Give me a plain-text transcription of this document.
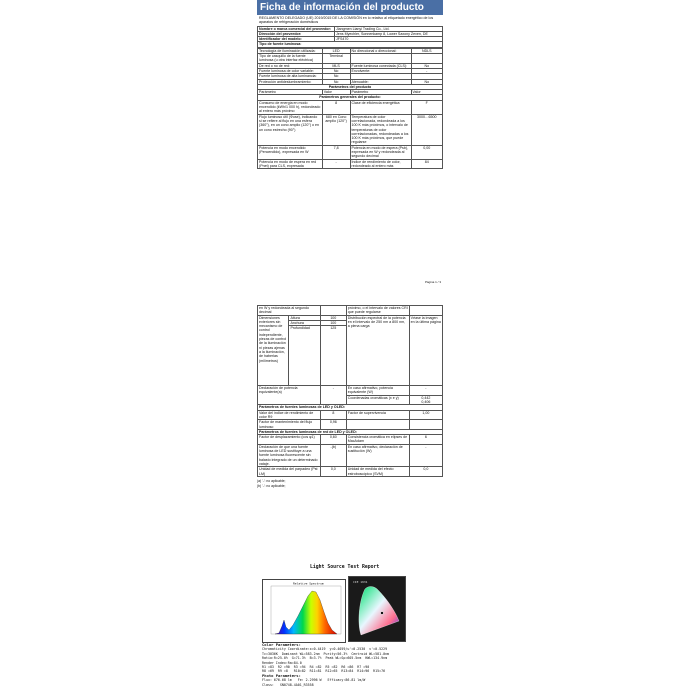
Ficha de información del producto
REGLAMENTO DELEGADO (UE) 2019/2015 DE LA COMISIÓN en lo relativo al etiquetado energético de los aparatos de refrigeración domésticos
Nombre o marca comercial del proveedor:	Jiangmen Lianyi Trading Co., Ltd.
Dirección del proveedor:	Jens Myechler, Sonnenkamp 8, Lower Saxony Zeven, DE
Identificador del modelo:	JFS470
Tipo de fuente luminosa:	
Tecnología de iluminación utilizada:	LED	No direccional o direccional:	NDLS
Tipo de casquillo de la fuente luminosa (u otra interfaz eléctrica)	Terminal		
De red o no de red:	MLS	Fuente luminosa conectada (CLS):	No
Fuente luminosa de color variable:	No	Envolvente:	-
Fuente luminosa de alta luminancia:	No		
Protección antideslumbramiento:	No	Atenuable:	No
Parámetros del producto			
Parámetro	Valor	Parámetro	Valor
Parámetros generales del producto:			
Consumo de energía en modo encendido (kWh/1 000 h), redondeado al entero más próximo	8	Clase de eficiencia energética	F
Flujo luminoso útil (Φuse), indicando si se refiere al flujo en una esfera (360°), en un cono amplio (120°) o en un cono estrecho (90°)	680 en Cono amplio (120°)	Temperatura de color correlacionada, redondeada a los 100 K más próximos, o intervalo de temperaturas de color correlacionadas, redondeadas a los 100 K más próximos, que puede regularse	3000…6500
Potencia en modo encendido (Pencendido), expresada en W	7,8	Potencia en modo de espera (Psb), expresada en W y redondeada al segundo decimal	0,00
Potencia en modo de espera en red (Pnet) para CLS, expresada	-	Índice de rendimiento de color, redondeado al entero más	84
Página 1 / 3
en W y redondeada al segundo decimal			próximo, o el intervalo de valores CRI que puede regularse	
Dimensiones exteriores sin mecanismo de control independiente, piezas de control de la iluminación ni piezas ajenas a la iluminación, de haberlas (milímetros)	Altura	100	Distribución espectral de la potencia en el intervalo de 250 nm a 800 nm, a plena carga	Véase la imagen en la última página
	Anchura	100		
	Profundidad	125		
Declaración de potencia equivalente(a)		-	En caso afirmativo, potencia equivalente (W)	-
			Coordenadas cromáticas (x e y)	0,442
0,406

Parámetros de fuentes luminosas de LED y OLED:				
Valor del índice de rendimiento de color R9		8	Factor de supervivencia	1,00
Factor de mantenimiento del flujo luminoso		0,96		
Parámetros de fuentes luminosas de red de LED y OLED:				
Factor de desplazamiento (cos φ1)		0,60	Consistencia cromática en elipses de MacAdam	6
Declaración de que una fuente luminosa de LED sustituye a una fuente luminosa fluorescente sin balasto integrado de un determinado vataje.		-(b)	En caso afirmativo, declaración de sustitución (W)	-
Unidad de medida del parpadeo (Pst LM)		0,0	Unidad de medida del efecto estroboscópico (SVM)	0,0
(a) '-': no aplicable;
(b) '-': no aplicable;
Light Source Test Report
Relative Spectrum	CIE 1931
Color Parameters:
Chromaticity Coordinate:x=0.4419  y=0.4059/u'=0.2530  v'=0.5229
Tc=3036K  Dominant WL=583.2nm  Purity=56.3%  Centroid WL=581.0nm
Ratio:R=25.0%  G=71.3%  B=3.7%  Peak WL=Sp=605.5nm  HWL=134.9nm
Render Index:Ra=84.0
R1 =83  R2 =90  R3 =94  R4 =82  R5 =82  R6 =86  R7 =90
R8 =69  R9 =8   R10=82  R11=81  R12=65  R13=84  R14=96  R15=76
Photo Parameters:
Flux: 676.68 lm   Fe: 2.2996 W   Efficacy:86.81 lm/W
Class:   SN0748-4A01_R3558
